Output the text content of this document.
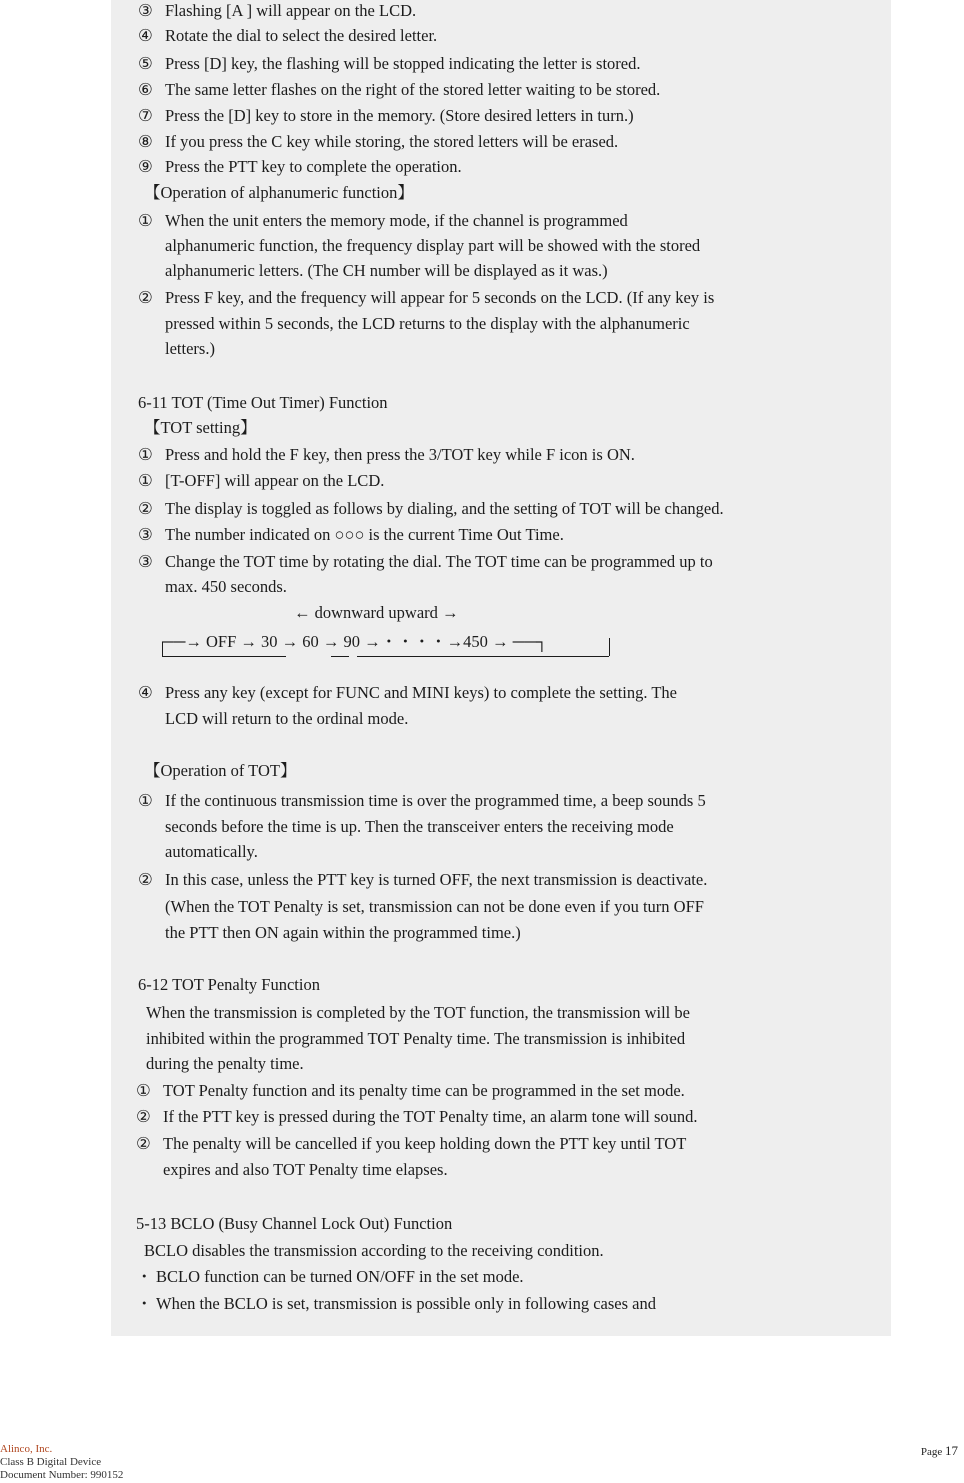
③ Flashing [A ] will appear on the LCD.
④ Rotate the dial to select the desired letter.
⑤ Press [D] key, the flashing will be stopped indicating the letter is stored.
⑥ The same letter flashes on the right of the stored letter waiting to be stored.
⑦ Press the [D] key to store in the memory. (Store desired letters in turn.)
⑧ If you press the C key while storing, the stored letters will be erased.
⑨ Press the PTT key to complete the operation.
【Operation of alphanumeric function】
① When the unit enters the memory mode, if the channel is programmed
alphanumeric function, the frequency display part will be showed with the stored
alphanumeric letters. (The CH number will be displayed as it was.)
② Press F key, and the frequency will appear for 5 seconds on the LCD. (If any key is
pressed within 5 seconds, the LCD returns to the display with the alphanumeric
letters.)
6-11 TOT (Time Out Timer) Function
【TOT setting】
① Press and hold the F key, then press the 3/TOT key while F icon is ON.
① [T-OFF] will appear on the LCD.
② The display is toggled as follows by dialing, and the setting of TOT will be changed.
③ The number indicated on ○○○ is the current Time Out Time.
③ Change the TOT time by rotating the dial. The TOT time can be programmed up to
max. 450 seconds.
← downward upward →
──→ OFF → 30 → 60 → 90 →・・・・→450 → ──┐
④ Press any key (except for FUNC and MINI keys) to complete the setting. The
LCD will return to the ordinal mode.
【Operation of TOT】
① If the continuous transmission time is over the programmed time, a beep sounds 5
seconds before the time is up. Then the transceiver enters the receiving mode
automatically.
② In this case, unless the PTT key is turned OFF, the next transmission is deactivate.
(When the TOT Penalty is set, transmission can not be done even if you turn OFF
the PTT then ON again within the programmed time.)
6-12 TOT Penalty Function
When the transmission is completed by the TOT function, the transmission will be
inhibited within the programmed TOT Penalty time. The transmission is inhibited
during the penalty time.
① TOT Penalty function and its penalty time can be programmed in the set mode.
② If the PTT key is pressed during the TOT Penalty time, an alarm tone will sound.
② The penalty will be cancelled if you keep holding down the PTT key until TOT
expires and also TOT Penalty time elapses.
5-13 BCLO (Busy Channel Lock Out) Function
BCLO disables the transmission according to the receiving condition.
・ BCLO function can be turned ON/OFF in the set mode.
・ When the BCLO is set, transmission is possible only in following cases and
Alinco, Inc.
Class B Digital Device
Document Number: 990152
Page 17
